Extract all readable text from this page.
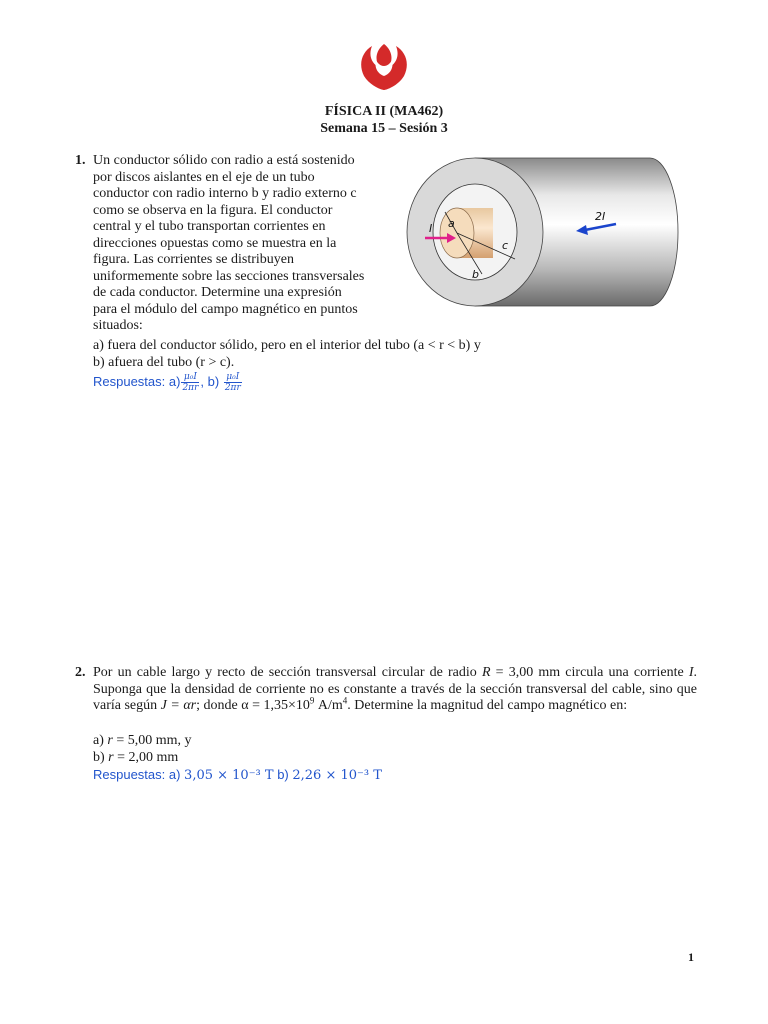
FÍSICA II (MA462)
Semana 15 – Sesión 3
1. Un conductor sólido con radio a está sostenido
por discos aislantes en el eje de un tubo
conductor con radio interno b y radio externo c
como se observa en la figura. El conductor
central y el tubo transportan corrientes en
direcciones opuestas como se muestra en la
figura. Las corrientes se distribuyen
uniformemente sobre las secciones transversales
de cada conductor. Determine una expresión
para el módulo del campo magnético en puntos
situados:
a) fuera del conductor sólido, pero en el interior del tubo (a < r < b) y
b) afuera del tubo (r > c).
Respuestas: $a) \frac{\text{μ₀I}}{2\pi r}$ , $b) \frac{\text{μ₀I}}{2\pi r}$
a
b
c
I
2I
2. Por un cable largo y recto de sección transversal circular de radio R = 3,00 mm circula una corriente I. Suponga que la densidad de corriente no es constante a través de la sección transversal del cable, sino que varía según J = αr; donde $\alpha = 1,35\times 10^9$ $A/m^4$. Determine la magnitud del campo magnético en:
a) r = 5,00 mm, y
b) r = 2,00 mm
Respuestas: a) 3,05 × 10⁻³ T b) 2,26 × 10⁻³ T
1
